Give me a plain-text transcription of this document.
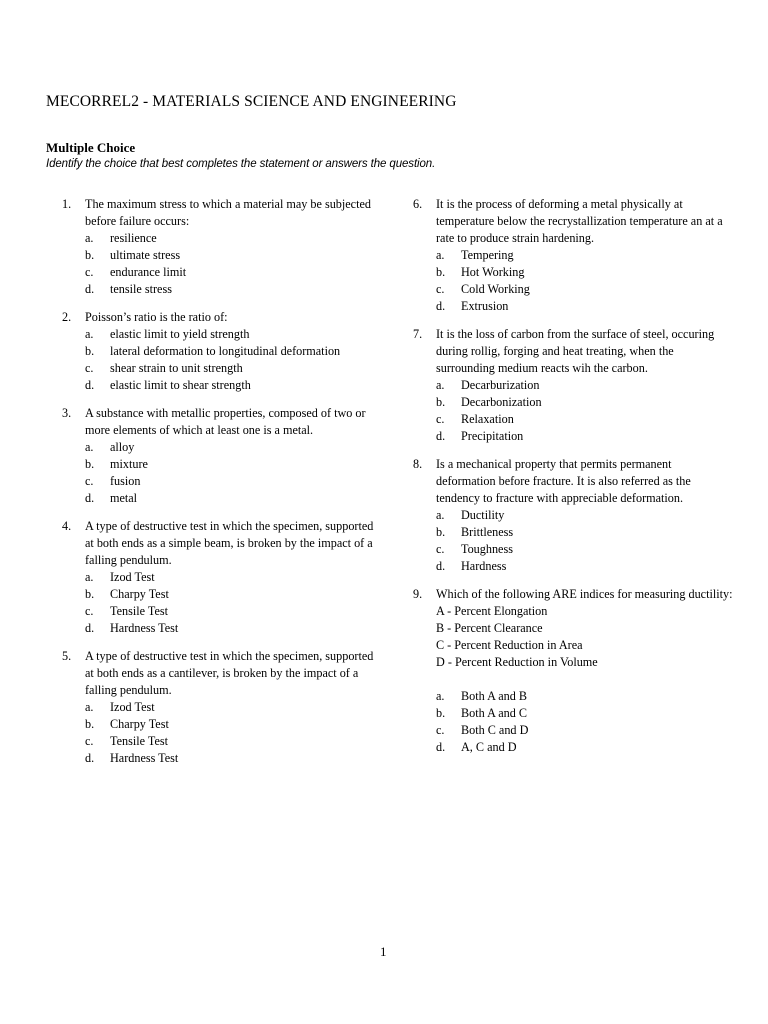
MECORREL2 - MATERIALS SCIENCE AND ENGINEERING
Multiple Choice
Identify the choice that best completes the statement or answers the question.
1.	The maximum stress to which a material may be subjected before failure occurs:
a.	resilience
b.	ultimate stress
c.	endurance limit
d.	tensile stress
2.	Poisson’s ratio is the ratio of:
a.	elastic limit to yield strength
b.	lateral deformation to longitudinal deformation
c.	shear strain to unit strength
d.	elastic limit to shear strength
3.	A substance with metallic properties, composed of two or more elements of which at least one is a metal.
a.	alloy
b.	mixture
c.	fusion
d.	metal
4.	A type of destructive test in which the specimen, supported at both ends as a simple beam, is broken by the impact of a falling pendulum.
a.	Izod Test
b.	Charpy Test
c.	Tensile Test
d.	Hardness Test
5.	A type of destructive test in which the specimen, supported at both ends as a cantilever, is broken by the impact of a falling pendulum.
a.	Izod Test
b.	Charpy Test
c.	Tensile Test
d.	Hardness Test
6.	It is the process of deforming a metal physically at temperature below the recrystallization temperature an at a rate to produce strain hardening.
a.	Tempering
b.	Hot Working
c.	Cold Working
d.	Extrusion
7.	It is the loss of carbon from the surface of steel, occuring during rollig, forging and heat treating, when the surrounding medium reacts wih the carbon.
a.	Decarburization
b.	Decarbonization
c.	Relaxation
d.	Precipitation
8.	Is a mechanical property that permits permanent deformation before fracture. It is also referred as the tendency to fracture with appreciable deformation.
a.	Ductility
b.	Brittleness
c.	Toughness
d.	Hardness
9.	Which of the following ARE indices for measuring ductility:
A - Percent Elongation
B - Percent Clearance
C - Percent Reduction in Area
D - Percent Reduction in Volume
a.	Both A and B
b.	Both A and C
c.	Both C and D
d.	A, C and D
1
